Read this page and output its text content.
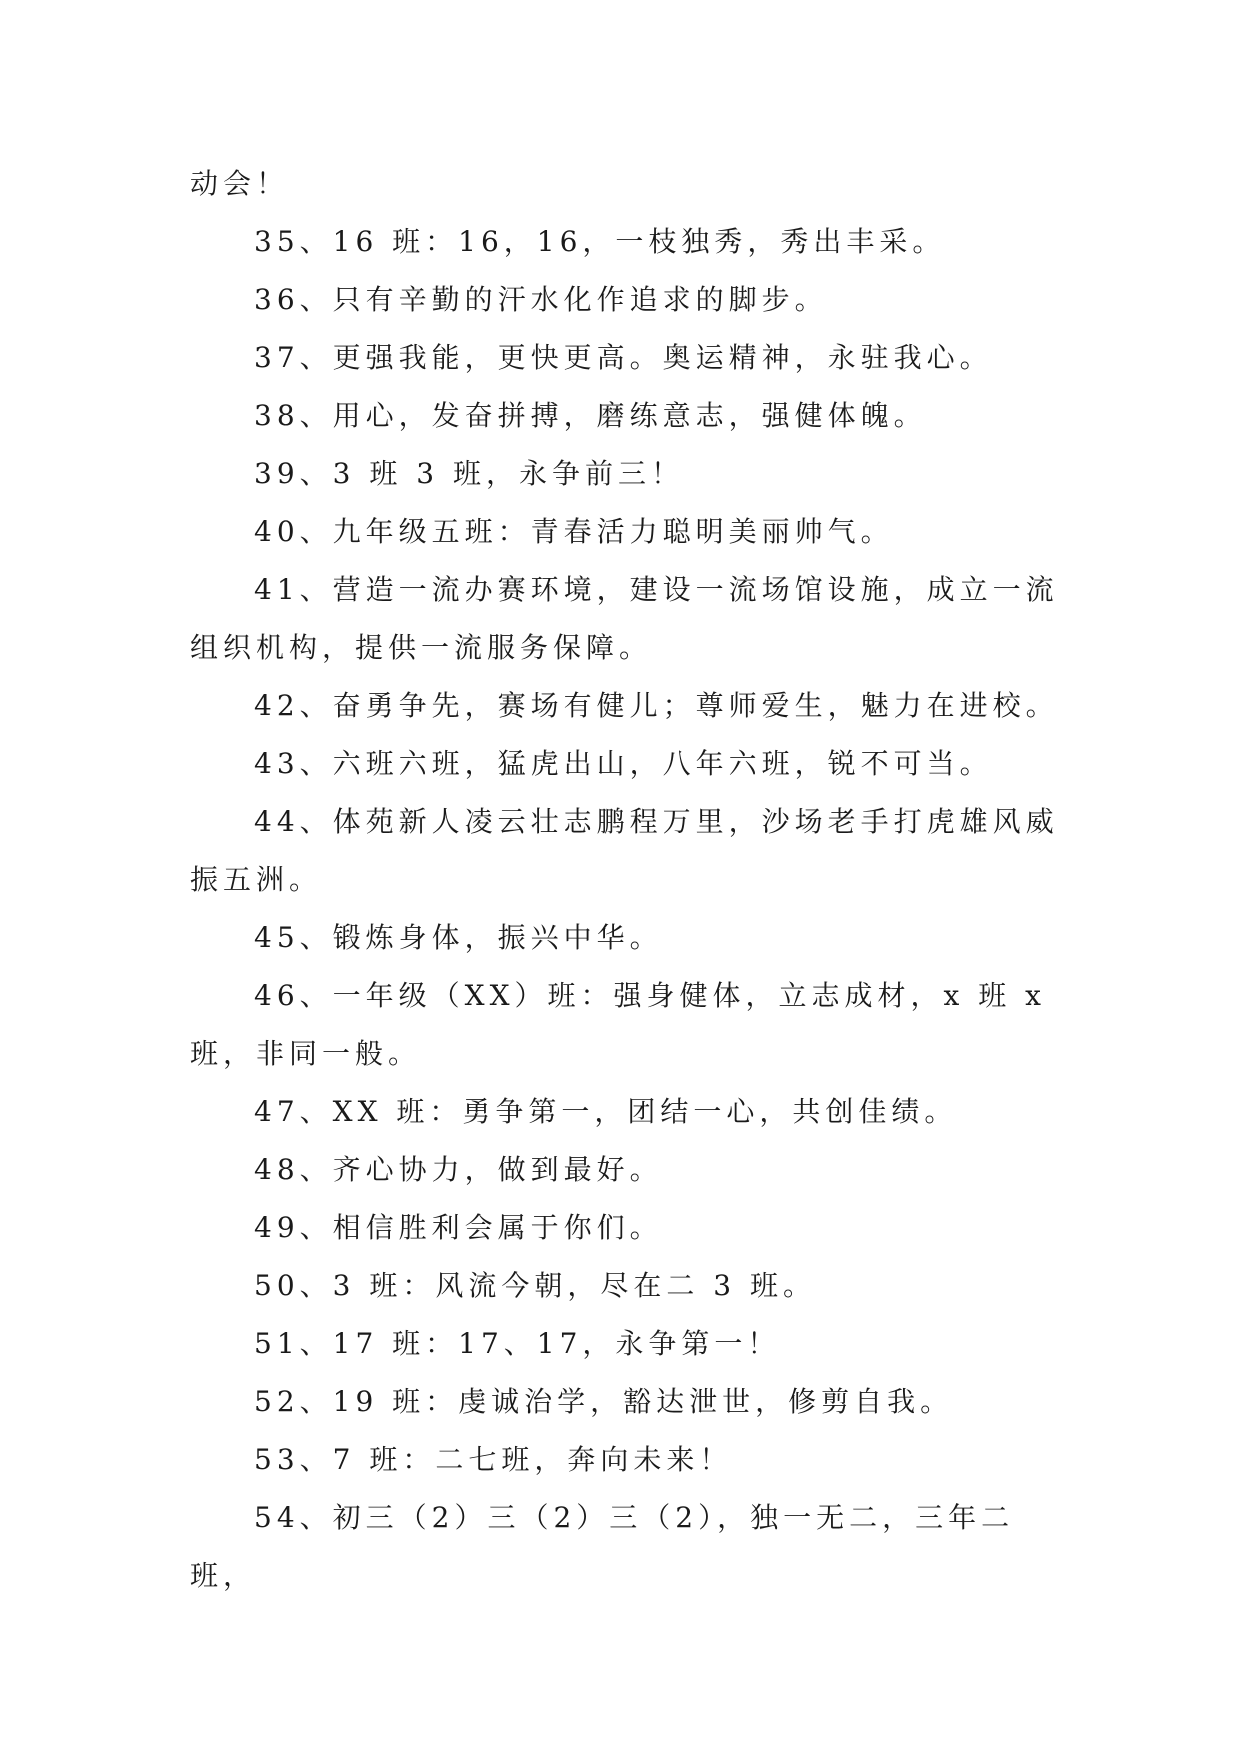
动会！

35、16 班：16，16，一枝独秀，秀出丰采。

36、只有辛勤的汗水化作追求的脚步。

37、更强我能，更快更高。奥运精神，永驻我心。

38、用心，发奋拼搏，磨练意志，强健体魄。

39、3 班 3 班，永争前三！

40、九年级五班：青春活力聪明美丽帅气。

41、营造一流办赛环境，建设一流场馆设施，成立一流组织机构，提供一流服务保障。

42、奋勇争先，赛场有健儿；尊师爱生，魅力在进校。

43、六班六班，猛虎出山，八年六班，锐不可当。

44、体苑新人凌云壮志鹏程万里，沙场老手打虎雄风威振五洲。

45、锻炼身体，振兴中华。

46、一年级（XX）班：强身健体，立志成材，x 班 x 班，非同一般。

47、XX 班：勇争第一，团结一心，共创佳绩。

48、齐心协力，做到最好。

49、相信胜利会属于你们。

50、3 班：风流今朝，尽在二 3 班。

51、17 班：17、17，永争第一！

52、19 班：虔诚治学，豁达泄世，修剪自我。

53、7 班：二七班，奔向未来！

54、初三（2）三（2）三（2），独一无二，三年二班，
